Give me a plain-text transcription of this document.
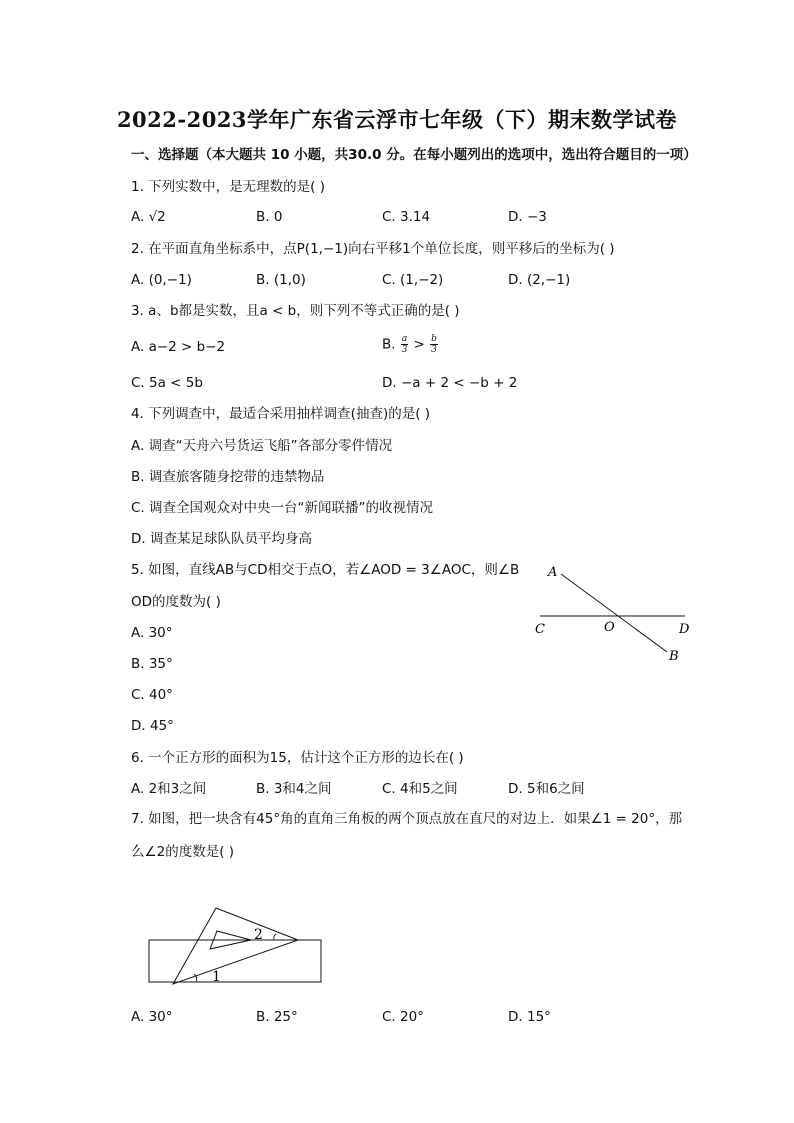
2022-2023学年广东省云浮市七年级（下）期末数学试卷
一、选择题（本大题共 10 小题，共30.0 分。在每小题列出的选项中，选出符合题目的一项）
1. 下列实数中，是无理数的是( )
A. √2	B. 0	C. 3.14	D. −3
2. 在平面直角坐标系中，点P(1,−1)向右平移1个单位长度，则平移后的坐标为( )
A. (0,−1)	B. (1,0)	C. (1,−2)	D. (2,−1)
3. a、b都是实数，且a < b，则下列不等式正确的是( )
A. a−2 > b−2	B. $\frac{a}{3} > \frac{b}{3}$
C. 5a < 5b	D. −a + 2 < −b + 2
4. 下列调查中，最适合采用抽样调查(抽查)的是( )
A. 调查“天舟六号货运飞船”各部分零件情况
B. 调查旅客随身挖带的违禁物品
C. 调查全国观众对中央一台“新闻联播”的收视情况
D. 调查某足球队队员平均身高
5. 如图，直线AB与CD相交于点O，若∠AOD = 3∠AOC，则∠B
OD的度数为( )
A. 30°
B. 35°
C. 40°
D. 45°
A
B
C	D
O
6. 一个正方形的面积为15，估计这个正方形的边长在( )
A. 2和3之间	B. 3和4之间	C. 4和5之间	D. 5和6之间
7. 如图，把一块含有45°角的直角三角板的两个顶点放在直尺的对边上．如果∠1 = 20°，那
么∠2的度数是( )
1
2
A. 30°	B. 25°	C. 20°	D. 15°
